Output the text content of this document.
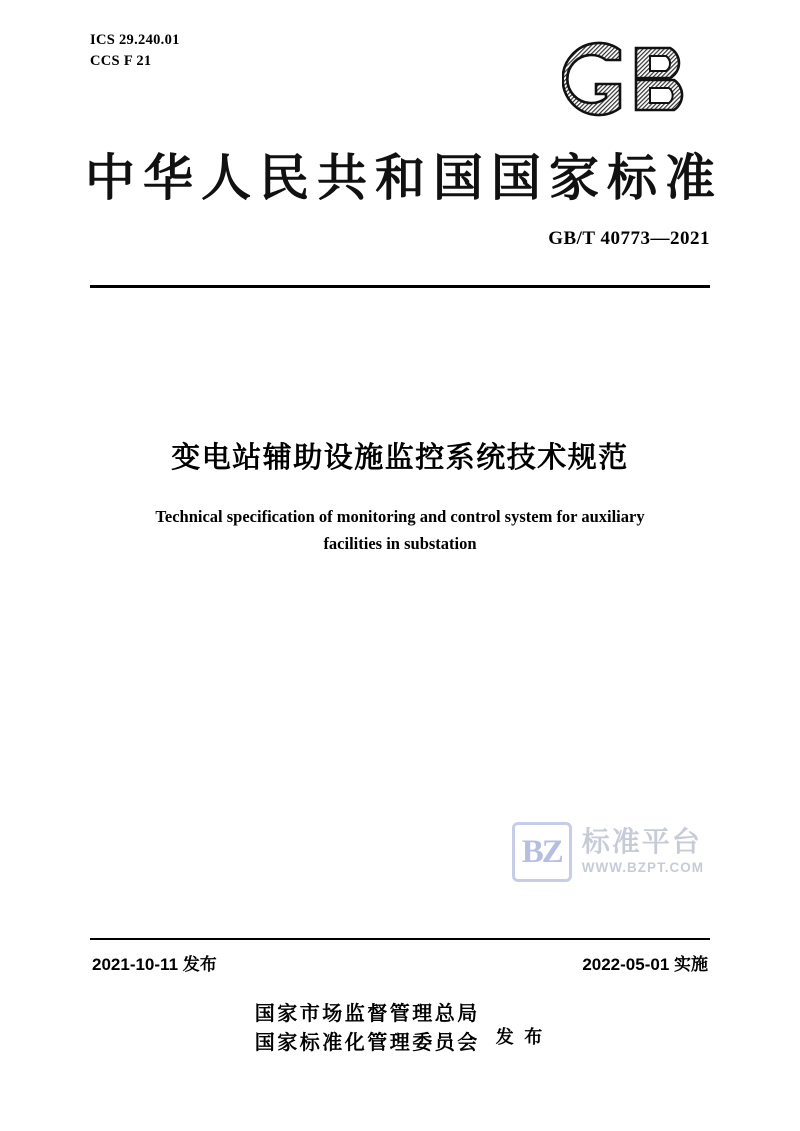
ICS 29.240.01
CCS F 21
中华人民共和国国家标准
GB/T 40773—2021
变电站辅助设施监控系统技术规范
Technical specification of monitoring and control system for auxiliary
facilities in substation
BZ 标准平台
WWW.BZPT.COM
2021-10-11 发布	2022-05-01 实施
国家市场监督管理总局
国家标准化管理委员会 发 布
